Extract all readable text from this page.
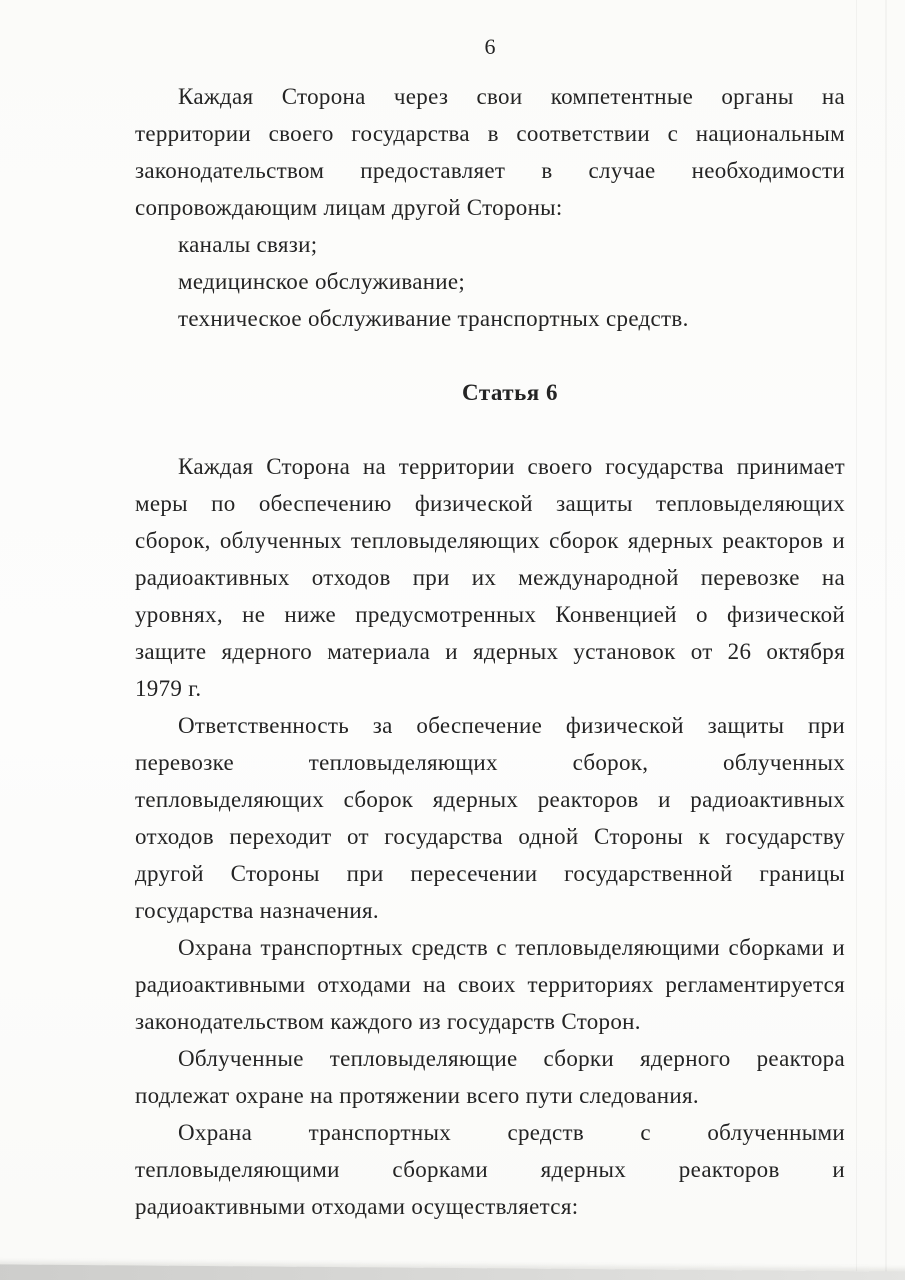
6
Каждая Сторона через свои компетентные органы на
территории своего государства в соответствии с национальным
законодательством предоставляет в случае необходимости
сопровождающим лицам другой Стороны:
каналы связи;
медицинское обслуживание;
техническое обслуживание транспортных средств.
Статья 6
Каждая Сторона на территории своего государства принимает
меры по обеспечению физической защиты тепловыделяющих
сборок, облученных тепловыделяющих сборок ядерных реакторов и
радиоактивных отходов при их международной перевозке на
уровнях, не ниже предусмотренных Конвенцией о физической
защите ядерного материала и ядерных установок от 26 октября
1979 г.
Ответственность за обеспечение физической защиты при
перевозке тепловыделяющих сборок, облученных
тепловыделяющих сборок ядерных реакторов и радиоактивных
отходов переходит от государства одной Стороны к государству
другой Стороны при пересечении государственной границы
государства назначения.
Охрана транспортных средств с тепловыделяющими сборками и
радиоактивными отходами на своих территориях регламентируется
законодательством каждого из государств Сторон.
Облученные тепловыделяющие сборки ядерного реактора
подлежат охране на протяжении всего пути следования.
Охрана транспортных средств с облученными
тепловыделяющими сборками ядерных реакторов и
радиоактивными отходами осуществляется:
